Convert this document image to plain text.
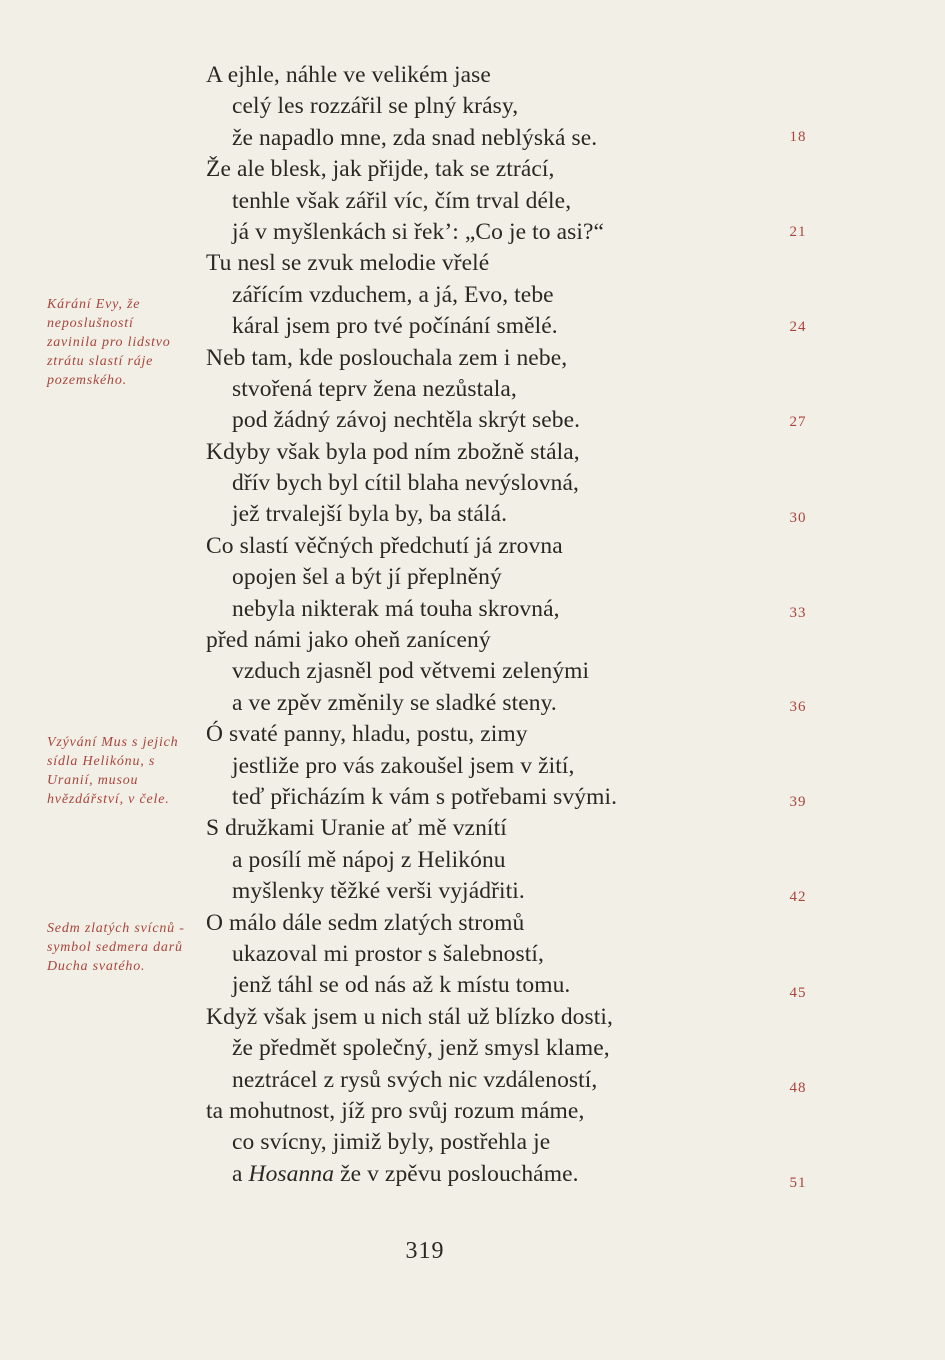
A ejhle, náhle ve velikém jase
celý les rozzářil se plný krásy,
že napadlo mne, zda snad neblýská se.
Že ale blesk, jak přijde, tak se ztrácí,
tenhle však zářil víc, čím trval déle,
já v myšlenkách si řek’: „Co je to asi?“
Tu nesl se zvuk melodie vřelé
zářícím vzduchem, a já, Evo, tebe
káral jsem pro tvé počínání smělé.
Neb tam, kde poslouchala zem i nebe,
stvořená teprv žena nezůstala,
pod žádný závoj nechtěla skrýt sebe.
Kdyby však byla pod ním zbožně stála,
dřív bych byl cítil blaha nevýslovná,
jež trvalejší byla by, ba stálá.
Co slastí věčných předchutí já zrovna
opojen šel a být jí přeplněný
nebyla nikterak má touha skrovná,
před námi jako oheň zanícený
vzduch zjasněl pod větvemi zelenými
a ve zpěv změnily se sladké steny.
Ó svaté panny, hladu, postu, zimy
jestliže pro vás zakoušel jsem v žití,
teď přicházím k vám s potřebami svými.
S družkami Uranie ať mě vznítí
a posílí mě nápoj z Helikónu
myšlenky těžké verši vyjádřiti.
O málo dále sedm zlatých stromů
ukazoval mi prostor s šalebností,
jenž táhl se od nás až k místu tomu.
Když však jsem u nich stál už blízko dosti,
že předmět společný, jenž smysl klame,
neztrácel z rysů svých nic vzdáleností,
ta mohutnost, jíž pro svůj rozum máme,
co svícny, jimiž byly, postřehla je
a Hosanna že v zpěvu posloucháme.
18
21
24
27
30
33
36
39
42
45
48
51
Kárání Evy, že neposlušností zavinila pro lidstvo ztrátu slastí ráje pozemského.
Vzývání Mus s jejich sídla Helikónu, s Uranií, musou hvězdářství, v čele.
Sedm zlatých svícnů - symbol sedmera darů Ducha svatého.
319
